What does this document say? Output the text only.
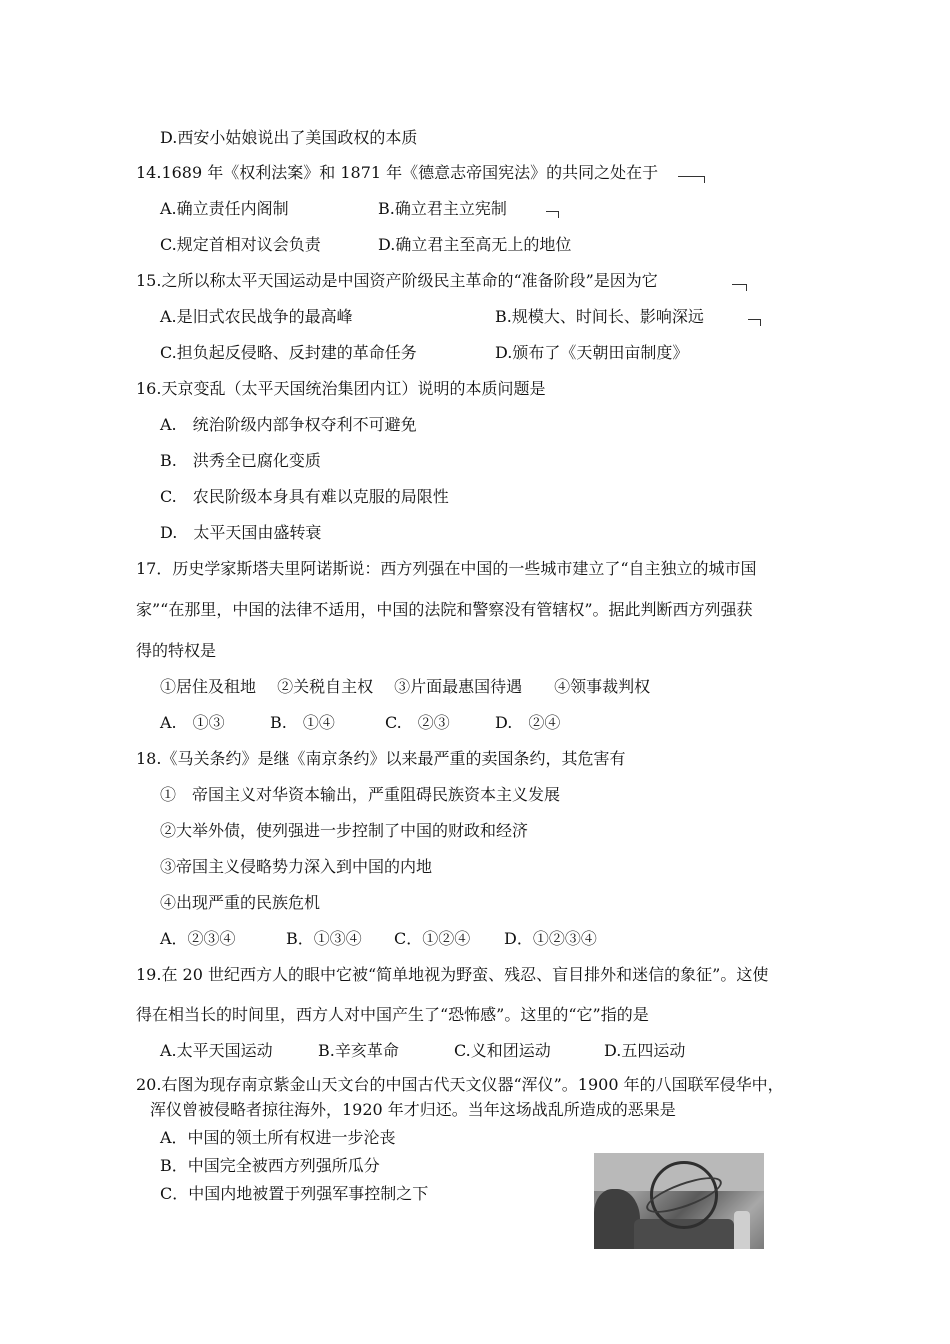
D.西安小姑娘说出了美国政权的本质
14.1689 年《权利法案》和 1871 年《德意志帝国宪法》的共同之处在于
A.确立责任内阁制	B.确立君主立宪制
C.规定首相对议会负责	D.确立君主至高无上的地位
15.之所以称太平天国运动是中国资产阶级民主革命的“准备阶段”是因为它
A.是旧式农民战争的最高峰	B.规模大、时间长、影响深远
C.担负起反侵略、反封建的革命任务	D.颁布了《天朝田亩制度》
16.天京变乱（太平天国统治集团内讧）说明的本质问题是
A.　统治阶级内部争权夺利不可避免
B.　洪秀全已腐化变质
C.　农民阶级本身具有难以克服的局限性
D.　太平天国由盛转衰
17．历史学家斯塔夫里阿诺斯说：西方列强在中国的一些城市建立了“自主独立的城市国
家”“在那里，中国的法律不适用，中国的法院和警察没有管辖权”。据此判断西方列强获
得的特权是
①居住及租地　 ②关税自主权　 ③片面最惠国待遇　　④领事裁判权
A.　①③	B.　①④	C.　②③	D.　②④
18.《马关条约》是继《南京条约》以来最严重的卖国条约，其危害有
①　帝国主义对华资本输出，严重阻碍民族资本主义发展
②大举外债，使列强进一步控制了中国的财政和经济
③帝国主义侵略势力深入到中国的内地
④出现严重的民族危机
A．②③④	B．①③④ C．①②④ D．①②③④
19.在 20 世纪西方人的眼中它被“简单地视为野蛮、残忍、盲目排外和迷信的象征”。这使
得在相当长的时间里，西方人对中国产生了“恐怖感”。这里的“它”指的是
A.太平天国运动	B.辛亥革命	C.义和团运动	D.五四运动
20.右图为现存南京紫金山天文台的中国古代天文仪器“浑仪”。1900 年的八国联军侵华中，
浑仪曾被侵略者掠往海外，1920 年才归还。当年这场战乱所造成的恶果是
A．中国的领土所有权进一步沦丧
B．中国完全被西方列强所瓜分
C．中国内地被置于列强军事控制之下
